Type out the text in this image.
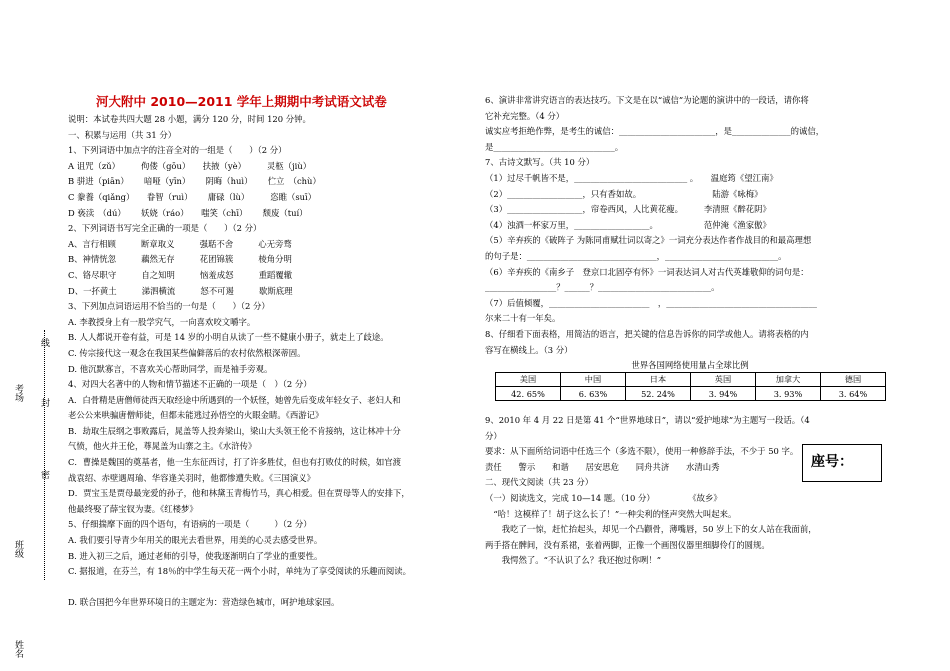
线
封
密
考场
班级
姓名
河大附中 2010—2011 学年上期期中考试语文试卷
说明：本试卷共四大题 28 小题，满分 120 分，时间 120 分钟。
一、积累与运用（共 31 分）
1、下列词语中加点字的注音全对的一组是（　　）（2 分）
A 诅咒（zǔ）　　　佝偻（gōu）　　扶掖（yè）　　　灵柩（jiù）
B 骈进（piān）　　 喑哑（yīn）　　 阴晦（huì）　　 伫立　（chù）
C 豢養（qiǎng）　　眷智（ruì）　　 庸碌（lù）　　　恣睢（suī）
D 亵渎　（dú）　　 妖娆（ráo）　　嗤笑（chī）　　 颓废（tuí）
2、下列词语书写完全正确的一项是（　　）（2 分）
A、言行相顾　　　断章取义　　　强聒不舍　　　心无旁骛
B、神情恍忽　　　藕然无存　　　花团锦簇　　　棱角分明
C、铬尽职守　　　自之知明　　　恼羞成怒　　　重蹈覆辙
D、一抔黄土　　　涕泗横流　　　怒不可遏　　　歇斯底理
3、下列加点词语运用不恰当的一句是（　　）（2 分）
A. 李教授身上有一股学究气，一向喜欢咬文嚼字。
B. 人人都说开卷有益，可是 14 岁的小明自从读了一些不健康小册子，就走上了歧途。
C. 传宗接代这一观念在我国某些偏僻落后的农村依然根深蒂固。
D. 他沉默寡言，不喜欢关心帮助同学，而是袖手旁观。
4、对四大名著中的人物和情节描述不正确的一项是（　）（2 分）
A．白骨精是唐僧师徒西天取经途中所遇到的一个妖怪，她曾先后变成年轻女子、老妇人和
老公公来哄骗唐僧师徒，但都未能逃过孙悟空的火眼金睛。《西游记》
B．劫取生辰纲之事败露后，晁盖等人投奔梁山，梁山大头领王伦不肯接纳，这让林冲十分
气愤，他火并王伦，尊晁盖为山寨之主。《水浒传》
C．曹操是魏国的奠基者，他一生东征西讨，打了许多胜仗，但也有打败仗的时候，如官渡
战袁绍、赤壁遇周瑜、华容逢关羽时，他都惨遭失败。《三国演义》
D．贾宝玉是贾母最宠爱的孙子，他和林黛玉青梅竹马，真心相爱。但在贾母等人的安排下，
他最终娶了薛宝钗为妻。《红楼梦》
5、仔细揣摩下面的四个语句，有语病的一项是（　　　）（2 分）
A. 我们要引导青少年用关的眼光去看世界，用美的心灵去感受世界。
B. 进入初三之后，通过老师的引导，使我逐渐明白了学业的重要性。
C. 据报道，在芬兰，有 18％的中学生每天花一两个小时，单纯为了享受阅读的乐趣而阅读。
D. 联合国把今年世界环境日的主题定为：营造绿色城市，呵护地球家园。
6、演讲非常讲究语言的表达技巧。下文是在以“诚信”为论题的演讲中的一段话，请你将
它补充完整。（4 分）
诚实应考拒绝作弊，是考生的诚信：_______________________，是______________的诚信，
是_____________________________。
7、古诗文默写。（共 10 分）
（1）过尽千帆皆不是，___________________________ 。　　温庭筠《望江南》
（2）__________________，只有香如故。　　　　　　　　　陆游《咏梅》
（3）__________________，帘卷西风，人比黄花瘦。　　　李清照《醉花阴》
（4）浊酒一杯家万里，__________________。　　　　　　范仲淹《渔家傲》
（5）辛弃疾的《破阵子 为陈同甫赋壮词以寄之》一词充分表达作者作战目的和最高理想
的句子是：_______________________________，___________________________。
（6）辛弃疾的《南乡子　登京口北固亭有怀》一词表达词人对古代英雄敬仰的词句是：
_________________？______？___________________________。
（7）后值倾覆，________________________　，____________________________________
尔来二十有一年矣。
8、仔细看下面表格，用简洁的语言，把关键的信息告诉你的同学或他人。请将表格的内
容写在横线上。（3 分）
世界各国网络使用量占全球比例
美国	中国	日本	英国	加拿大	德国
42. 65%	6. 63%	52. 24%	3. 94%	3. 93%	3. 64%
9、2010 年 4 月 22 日是第 41 个“世界地球日”，请以“爱护地球”为主题写一段话。（4
分）
要求：从下面所给词语中任选三个（多选不限），使用一种修辞手法，不少于 50 字。
责任　　警示　　和谐　　居安思危　　同舟共济　　水清山秀
二、现代文阅读（共 23 分）
（一）阅读选文，完成 10—14 题。（10 分）　　　　　《故乡》
　“哈！这模样了！胡子这么长了！”一种尖利的怪声突然大叫起来。
　　我吃了一惊，赶忙抬起头，却见一个凸颧骨，薄嘴唇，50 岁上下的女人站在我面前，
两手搭在髀间，没有系裙，张着两脚，正像一个画图仪器里细脚伶仃的圆规。
　　我愕然了。“不认识了么？我还抱过你咧！”
座号：
